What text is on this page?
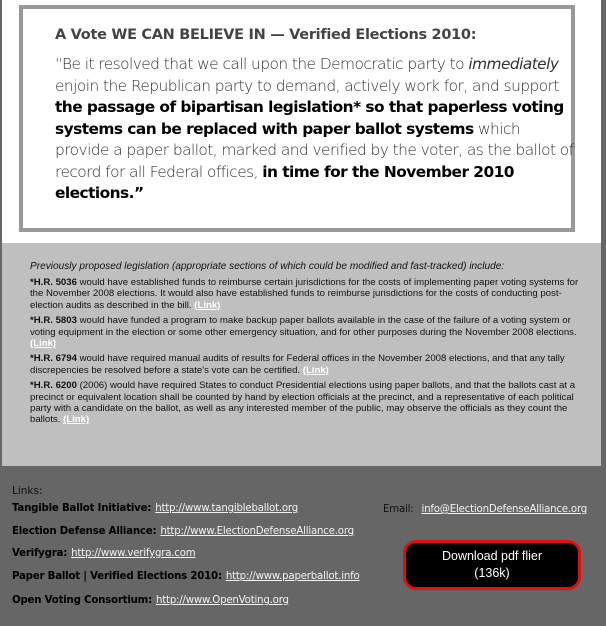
A Vote WE CAN BELIEVE IN — Verified Elections 2010:

“Be it resolved that we call upon the Democratic party to immediately enjoin the Republican party to demand, actively work for, and support the passage of bipartisan legislation* so that paperless voting systems can be replaced with paper ballot systems which provide a paper ballot, marked and verified by the voter, as the ballot of record for all Federal offices, in time for the November 2010 elections.”

Previously proposed legislation (appropriate sections of which could be modified and fast-tracked) include:

*H.R. 5036 would have established funds to reimburse certain jurisdictions for the costs of implementing paper voting systems for the November 2008 elections. It would also have established funds to reimburse jurisdictions for the costs of conducting post-election audits as described in the bill. (Link)

*H.R. 5803 would have funded a program to make backup paper ballots available in the case of the failure of a voting system or voting equipment in the election or some other emergency situation, and for other purposes during the November 2008 elections. (Link)

*H.R. 6794 would have required manual audits of results for Federal offices in the November 2008 elections, and that any tally discrepencies be resolved before a state's vote can be certified. (Link)

*H.R. 6200 (2006) would have required States to conduct Presidential elections using paper ballots, and that the ballots cast at a precinct or equivalent location shall be counted by hand by election officials at the precinct, and a representative of each political party with a candidate on the ballot, as well as any interested member of the public, may observe the officials as they count the ballots. (Link)

Links:

Tangible Ballot Initiative: http://www.tangibleballot.org
Election Defense Alliance: http://www.ElectionDefenseAlliance.org
Verifygra: http://www.verifygra.com
Paper Ballot | Verified Elections 2010: http://www.paperballot.info
Open Voting Consortium: http://www.OpenVoting.org
Email: info@ElectionDefenseAlliance.org
Download pdf flier
(136k)
